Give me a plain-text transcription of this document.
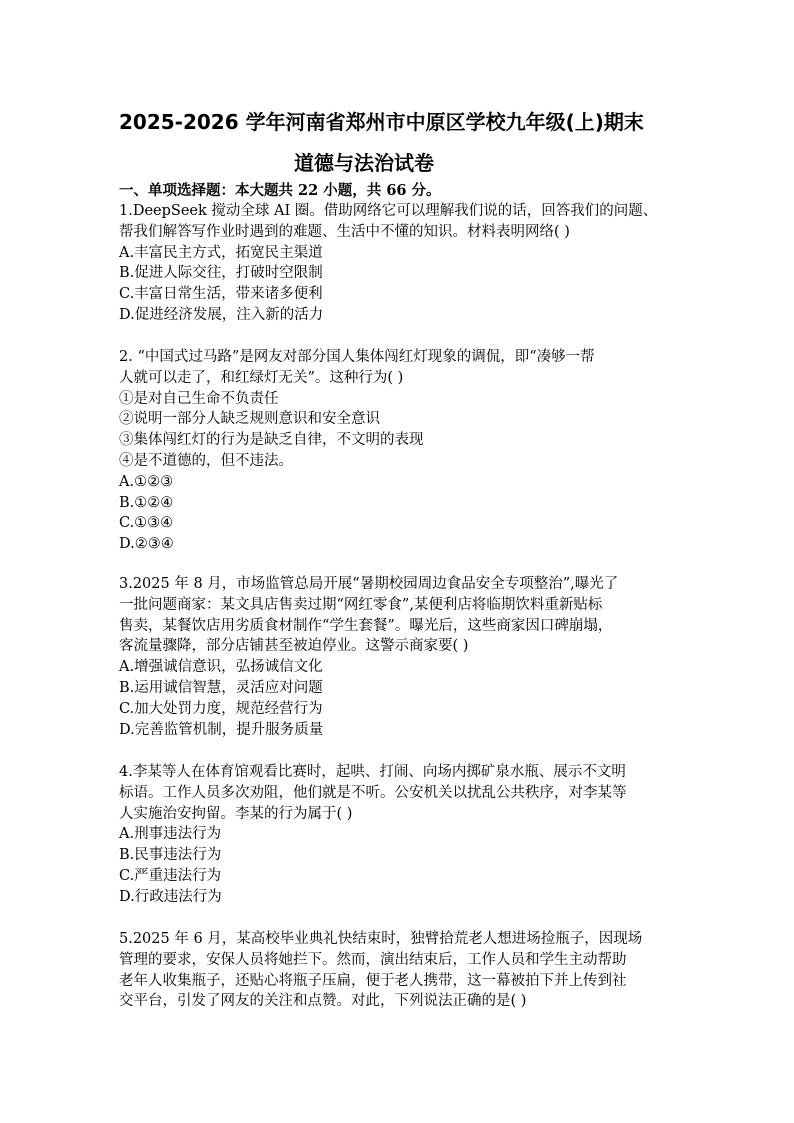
2025-2026 学年河南省郑州市中原区学校九年级(上)期末
道德与法治试卷
一、单项选择题：本大题共 22 小题，共 66 分。
1.DeepSeek 搅动全球 AI 圈。借助网络它可以理解我们说的话，回答我们的问题、
帮我们解答写作业时遇到的难题、生活中不懂的知识。材料表明网络( )
A.丰富民主方式，拓宽民主渠道
B.促进人际交往，打破时空限制
C.丰富日常生活，带来诸多便利
D.促进经济发展，注入新的活力
2. “中国式过马路”是网友对部分国人集体闯红灯现象的调侃，即“凑够一帮
人就可以走了，和红绿灯无关”。这种行为( )
①是对自己生命不负责任
②说明一部分人缺乏规则意识和安全意识
③集体闯红灯的行为是缺乏自律，不文明的表现
④是不道德的，但不违法。
A.①②③
B.①②④
C.①③④
D.②③④
3.2025 年 8 月，市场监管总局开展“暑期校园周边食品安全专项整治”,曝光了
一批问题商家：某文具店售卖过期“网红零食”,某便利店将临期饮料重新贴标
售卖，某餐饮店用劣质食材制作“学生套餐”。曝光后，这些商家因口碑崩塌，
客流量骤降，部分店铺甚至被迫停业。这警示商家要( )
A.增强诚信意识，弘扬诚信文化
B.运用诚信智慧，灵活应对问题
C.加大处罚力度，规范经营行为
D.完善监管机制，提升服务质量
4.李某等人在体育馆观看比赛时，起哄、打闹、向场内掷矿泉水瓶、展示不文明
标语。工作人员多次劝阻，他们就是不听。公安机关以扰乱公共秩序，对李某等
人实施治安拘留。李某的行为属于( )
A.刑事违法行为
B.民事违法行为
C.严重违法行为
D.行政违法行为
5.2025 年 6 月，某高校毕业典礼快结束时，独臂拾荒老人想进场捡瓶子，因现场
管理的要求，安保人员将她拦下。然而，演出结束后，工作人员和学生主动帮助
老年人收集瓶子，还贴心将瓶子压扁，便于老人携带，这一幕被拍下并上传到社
交平台，引发了网友的关注和点赞。对此，下列说法正确的是( )
